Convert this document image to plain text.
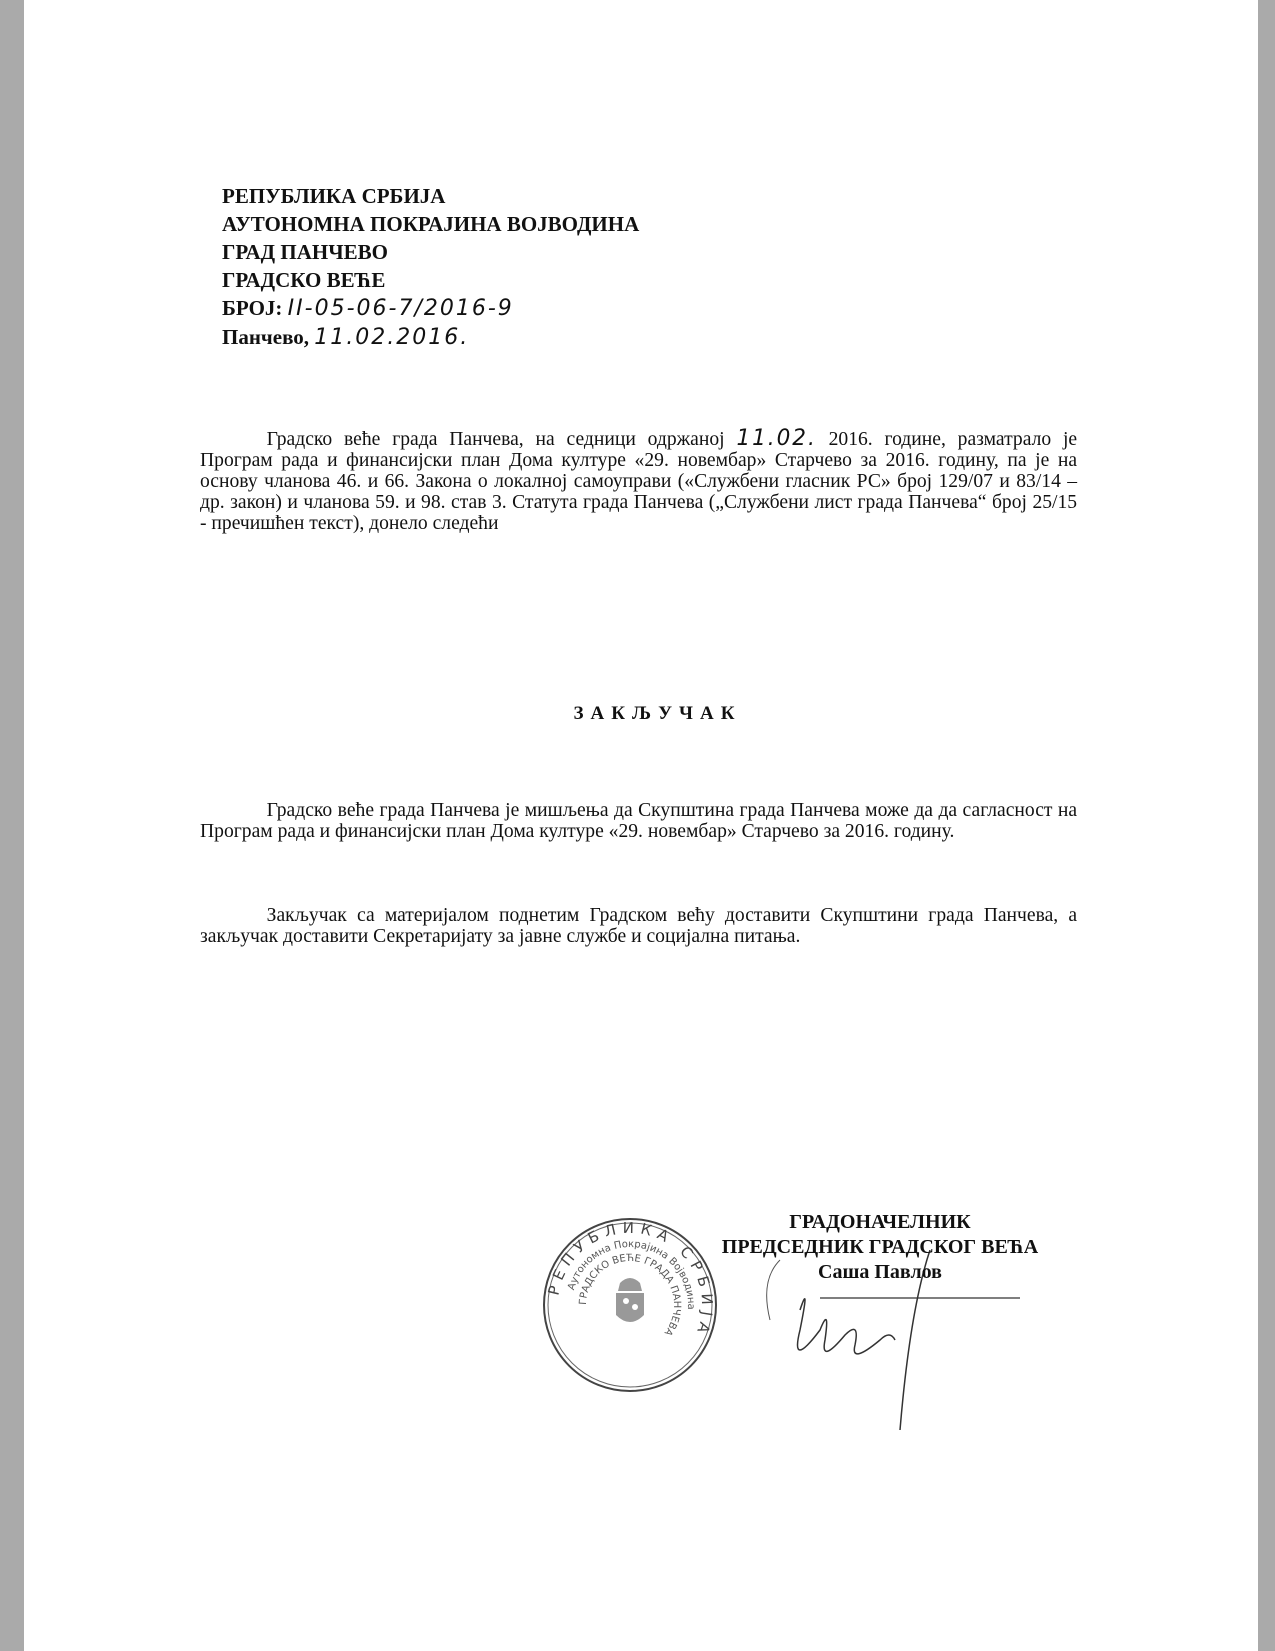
РЕПУБЛИКА СРБИЈА
АУТОНОМНА ПОКРАЈИНА ВОЈВОДИНА
ГРАД ПАНЧЕВО
ГРАДСКО ВЕЋЕ
БРОЈ: II-05-06-7/2016-9
Панчево, 11.02.2016.

Градско веће града Панчева, на седници одржаној 11.02. 2016. године, разматрало је Програм рада и финансијски план Дома културе «29. новембар» Старчево за 2016. годину, па је на основу чланова 46. и 66. Закона о локалној самоуправи («Службени гласник РС» број 129/07 и 83/14 – др. закон) и чланова 59. и 98. став 3. Статута града Панчева („Службени лист града Панчева“ број 25/15 - пречишћен текст), донело следећи

ЗАКЉУЧАК

Градско веће града Панчева је мишљења да Скупштина града Панчева може да да сагласност на Програм рада и финансијски план Дома културе «29. новембар» Старчево за 2016. годину.

Закључак са материјалом поднетим Градском већу доставити Скупштини града Панчева, а закључак доставити Секретаријату за јавне службе и социјална питања.

РЕПУБЛИКА СРБИЈА
Аутономна Покрајина Војводина
ГРАДСКО ВЕЋЕ ГРАДА ПАНЧЕВА
ГРАДОНАЧЕЛНИК
ПРЕДСЕДНИК ГРАДСКОГ ВЕЋА
Саша Павлов
